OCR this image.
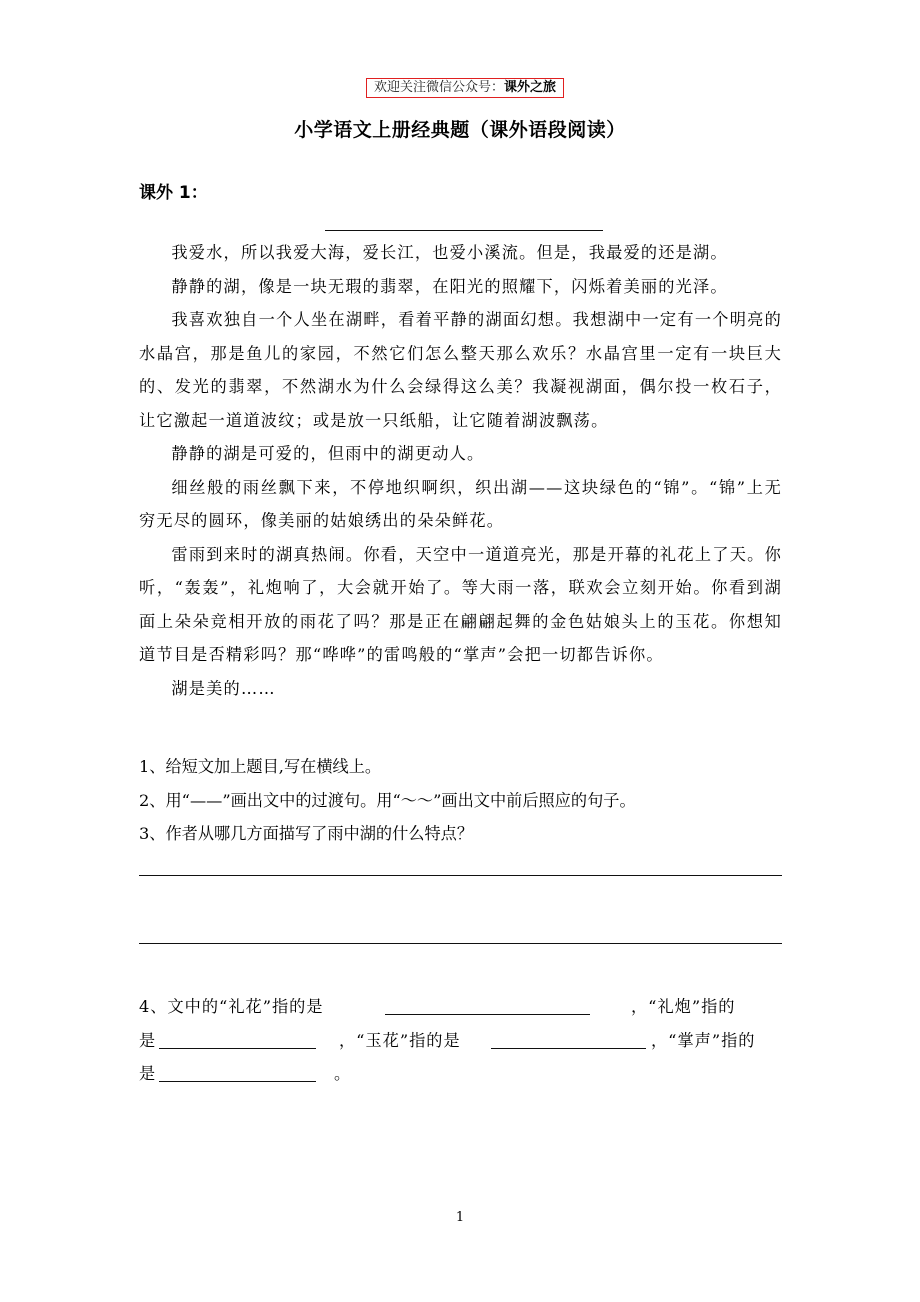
欢迎关注微信公众号：课外之旅
小学语文上册经典题（课外语段阅读）
课外 1：

我爱水，所以我爱大海，爱长江，也爱小溪流。但是，我最爱的还是湖。

静静的湖，像是一块无瑕的翡翠，在阳光的照耀下，闪烁着美丽的光泽。

我喜欢独自一个人坐在湖畔，看着平静的湖面幻想。我想湖中一定有一个明亮的水晶宫，那是鱼儿的家园，不然它们怎么整天那么欢乐？水晶宫里一定有一块巨大的、发光的翡翠，不然湖水为什么会绿得这么美？我凝视湖面，偶尔投一枚石子，让它激起一道道波纹；或是放一只纸船，让它随着湖波飘荡。

静静的湖是可爱的，但雨中的湖更动人。

细丝般的雨丝飘下来，不停地织啊织，织出湖——这块绿色的“锦”。“锦”上无穷无尽的圆环，像美丽的姑娘绣出的朵朵鲜花。

雷雨到来时的湖真热闹。你看，天空中一道道亮光，那是开幕的礼花上了天。你听，“轰轰”，礼炮响了，大会就开始了。等大雨一落，联欢会立刻开始。你看到湖面上朵朵竞相开放的雨花了吗？那是正在翩翩起舞的金色姑娘头上的玉花。你想知道节目是否精彩吗？那“哗哗”的雷鸣般的“掌声”会把一切都告诉你。

湖是美的……

1、给短文加上题目,写在横线上。

2、用“——”画出文中的过渡句。用“～～”画出文中前后照应的句子。

3、作者从哪几方面描写了雨中湖的什么特点？

4、文中的“礼花”指的是	，“礼炮”指的
是	，“玉花”指的是	，“掌声”指的
是	。
1
